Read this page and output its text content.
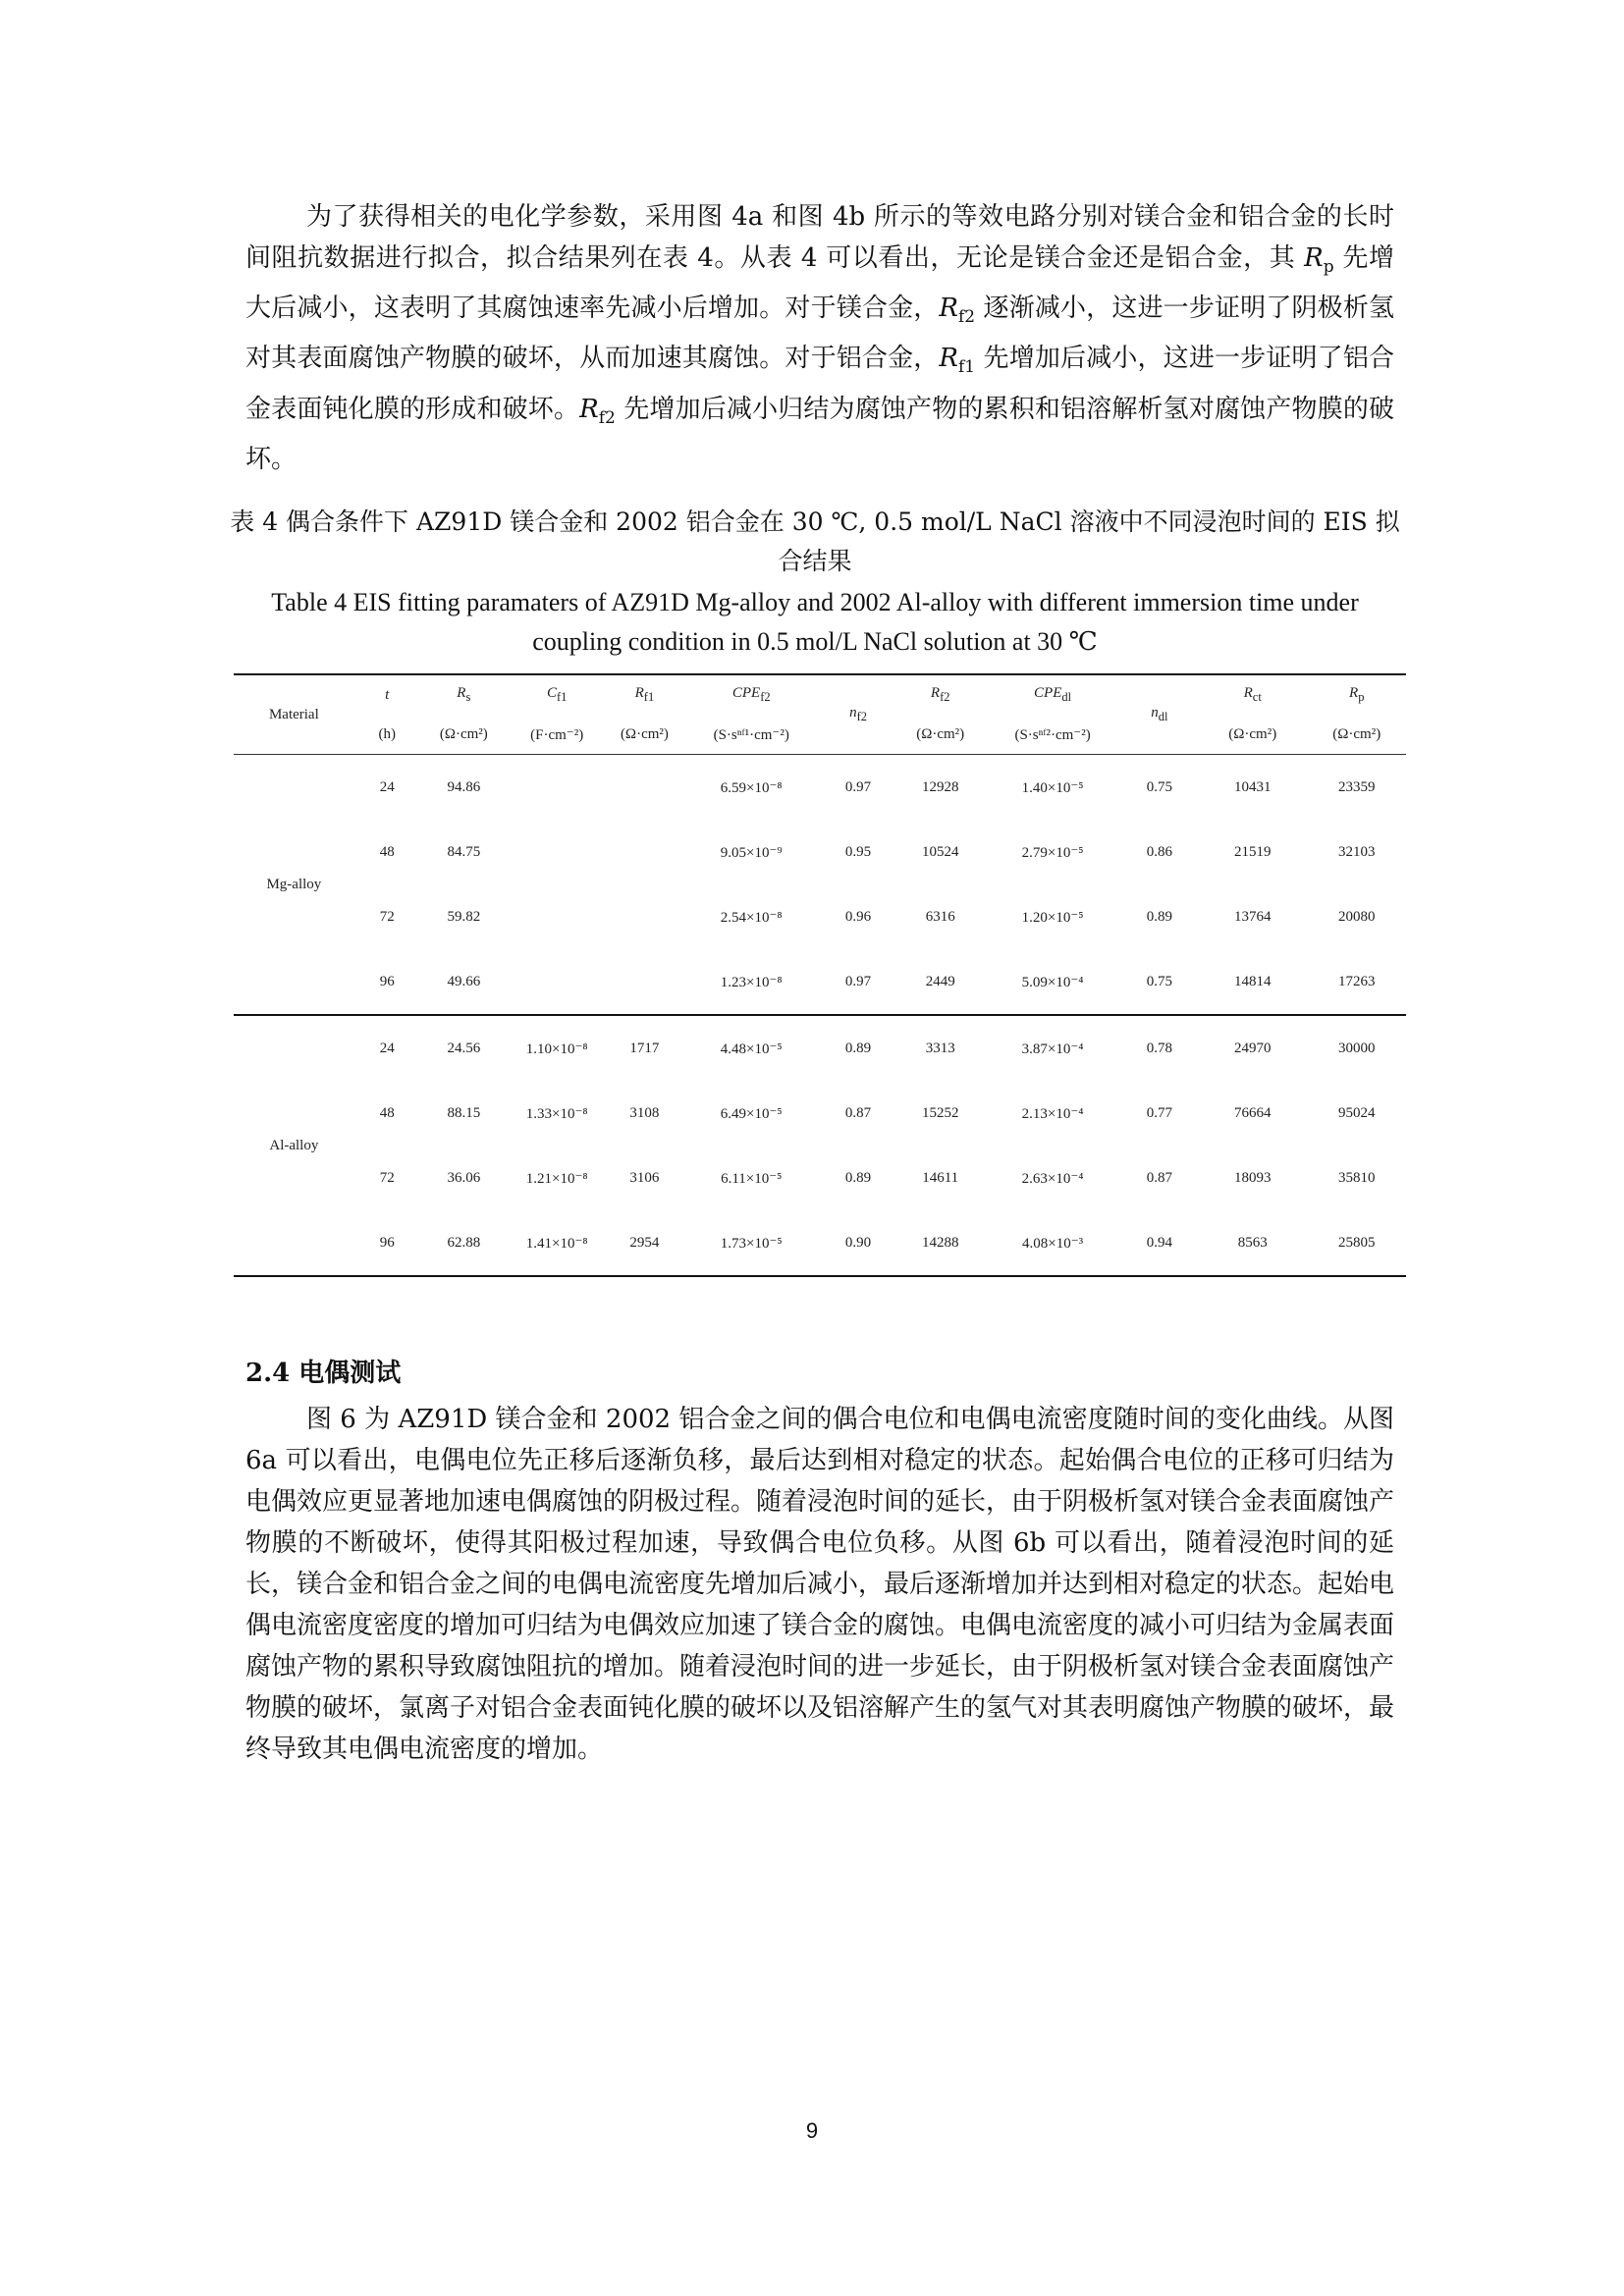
为了获得相关的电化学参数，采用图 4a 和图 4b 所示的等效电路分别对镁合金和铝合金的长时间阻抗数据进行拟合，拟合结果列在表 4。从表 4 可以看出，无论是镁合金还是铝合金，其 $R_p$ 先增大后减小，这表明了其腐蚀速率先减小后增加。对于镁合金，$R_{f2}$ 逐渐减小，这进一步证明了阴极析氢对其表面腐蚀产物膜的破坏，从而加速其腐蚀。对于铝合金，$R_{f1}$ 先增加后减小，这进一步证明了铝合金表面钝化膜的形成和破坏。$R_{f2}$ 先增加后减小归结为腐蚀产物的累积和铝溶解析氢对腐蚀产物膜的破坏。
表 4 偶合条件下 AZ91D 镁合金和 2002 铝合金在 30 ℃, 0.5 mol/L NaCl 溶液中不同浸泡时间的 EIS 拟合结果
Table 4 EIS fitting paramaters of AZ91D Mg-alloy and 2002 Al-alloy with different immersion time under coupling condition in 0.5 mol/L NaCl solution at 30 ℃
Material	t	$R_s$	$C_{f1}$	$R_{f1}$	$CPE_{f2}$	$n_{f2}$	$R_{f2}$	$CPE_{dl}$	$n_{dl}$	$R_{ct}$	$R_p$
	(h)	(Ω·cm²)	(F·cm⁻²)	(Ω·cm²)	(S·sⁿᶠ¹·cm⁻²)		(Ω·cm²)	(S·sⁿᶠ²·cm⁻²)		(Ω·cm²)	(Ω·cm²)
Mg-alloy	24	94.86			6.59×10⁻⁸	0.97	12928	1.40×10⁻⁵	0.75	10431	23359
	48	84.75			9.05×10⁻⁹	0.95	10524	2.79×10⁻⁵	0.86	21519	32103
	72	59.82			2.54×10⁻⁸	0.96	6316	1.20×10⁻⁵	0.89	13764	20080
	96	49.66			1.23×10⁻⁸	0.97	2449	5.09×10⁻⁴	0.75	14814	17263
Al-alloy	24	24.56	1.10×10⁻⁸	1717	4.48×10⁻⁵	0.89	3313	3.87×10⁻⁴	0.78	24970	30000
	48	88.15	1.33×10⁻⁸	3108	6.49×10⁻⁵	0.87	15252	2.13×10⁻⁴	0.77	76664	95024
	72	36.06	1.21×10⁻⁸	3106	6.11×10⁻⁵	0.89	14611	2.63×10⁻⁴	0.87	18093	35810
	96	62.88	1.41×10⁻⁸	2954	1.73×10⁻⁵	0.90	14288	4.08×10⁻³	0.94	8563	25805
2.4 电偶测试
图 6 为 AZ91D 镁合金和 2002 铝合金之间的偶合电位和电偶电流密度随时间的变化曲线。从图 6a 可以看出，电偶电位先正移后逐渐负移，最后达到相对稳定的状态。起始偶合电位的正移可归结为电偶效应更显著地加速电偶腐蚀的阴极过程。随着浸泡时间的延长，由于阴极析氢对镁合金表面腐蚀产物膜的不断破坏，使得其阳极过程加速，导致偶合电位负移。从图 6b 可以看出，随着浸泡时间的延长，镁合金和铝合金之间的电偶电流密度先增加后减小，最后逐渐增加并达到相对稳定的状态。起始电偶电流密度密度的增加可归结为电偶效应加速了镁合金的腐蚀。电偶电流密度的减小可归结为金属表面腐蚀产物的累积导致腐蚀阻抗的增加。随着浸泡时间的进一步延长，由于阴极析氢对镁合金表面腐蚀产物膜的破坏，氯离子对铝合金表面钝化膜的破坏以及铝溶解产生的氢气对其表明腐蚀产物膜的破坏，最终导致其电偶电流密度的增加。
9
